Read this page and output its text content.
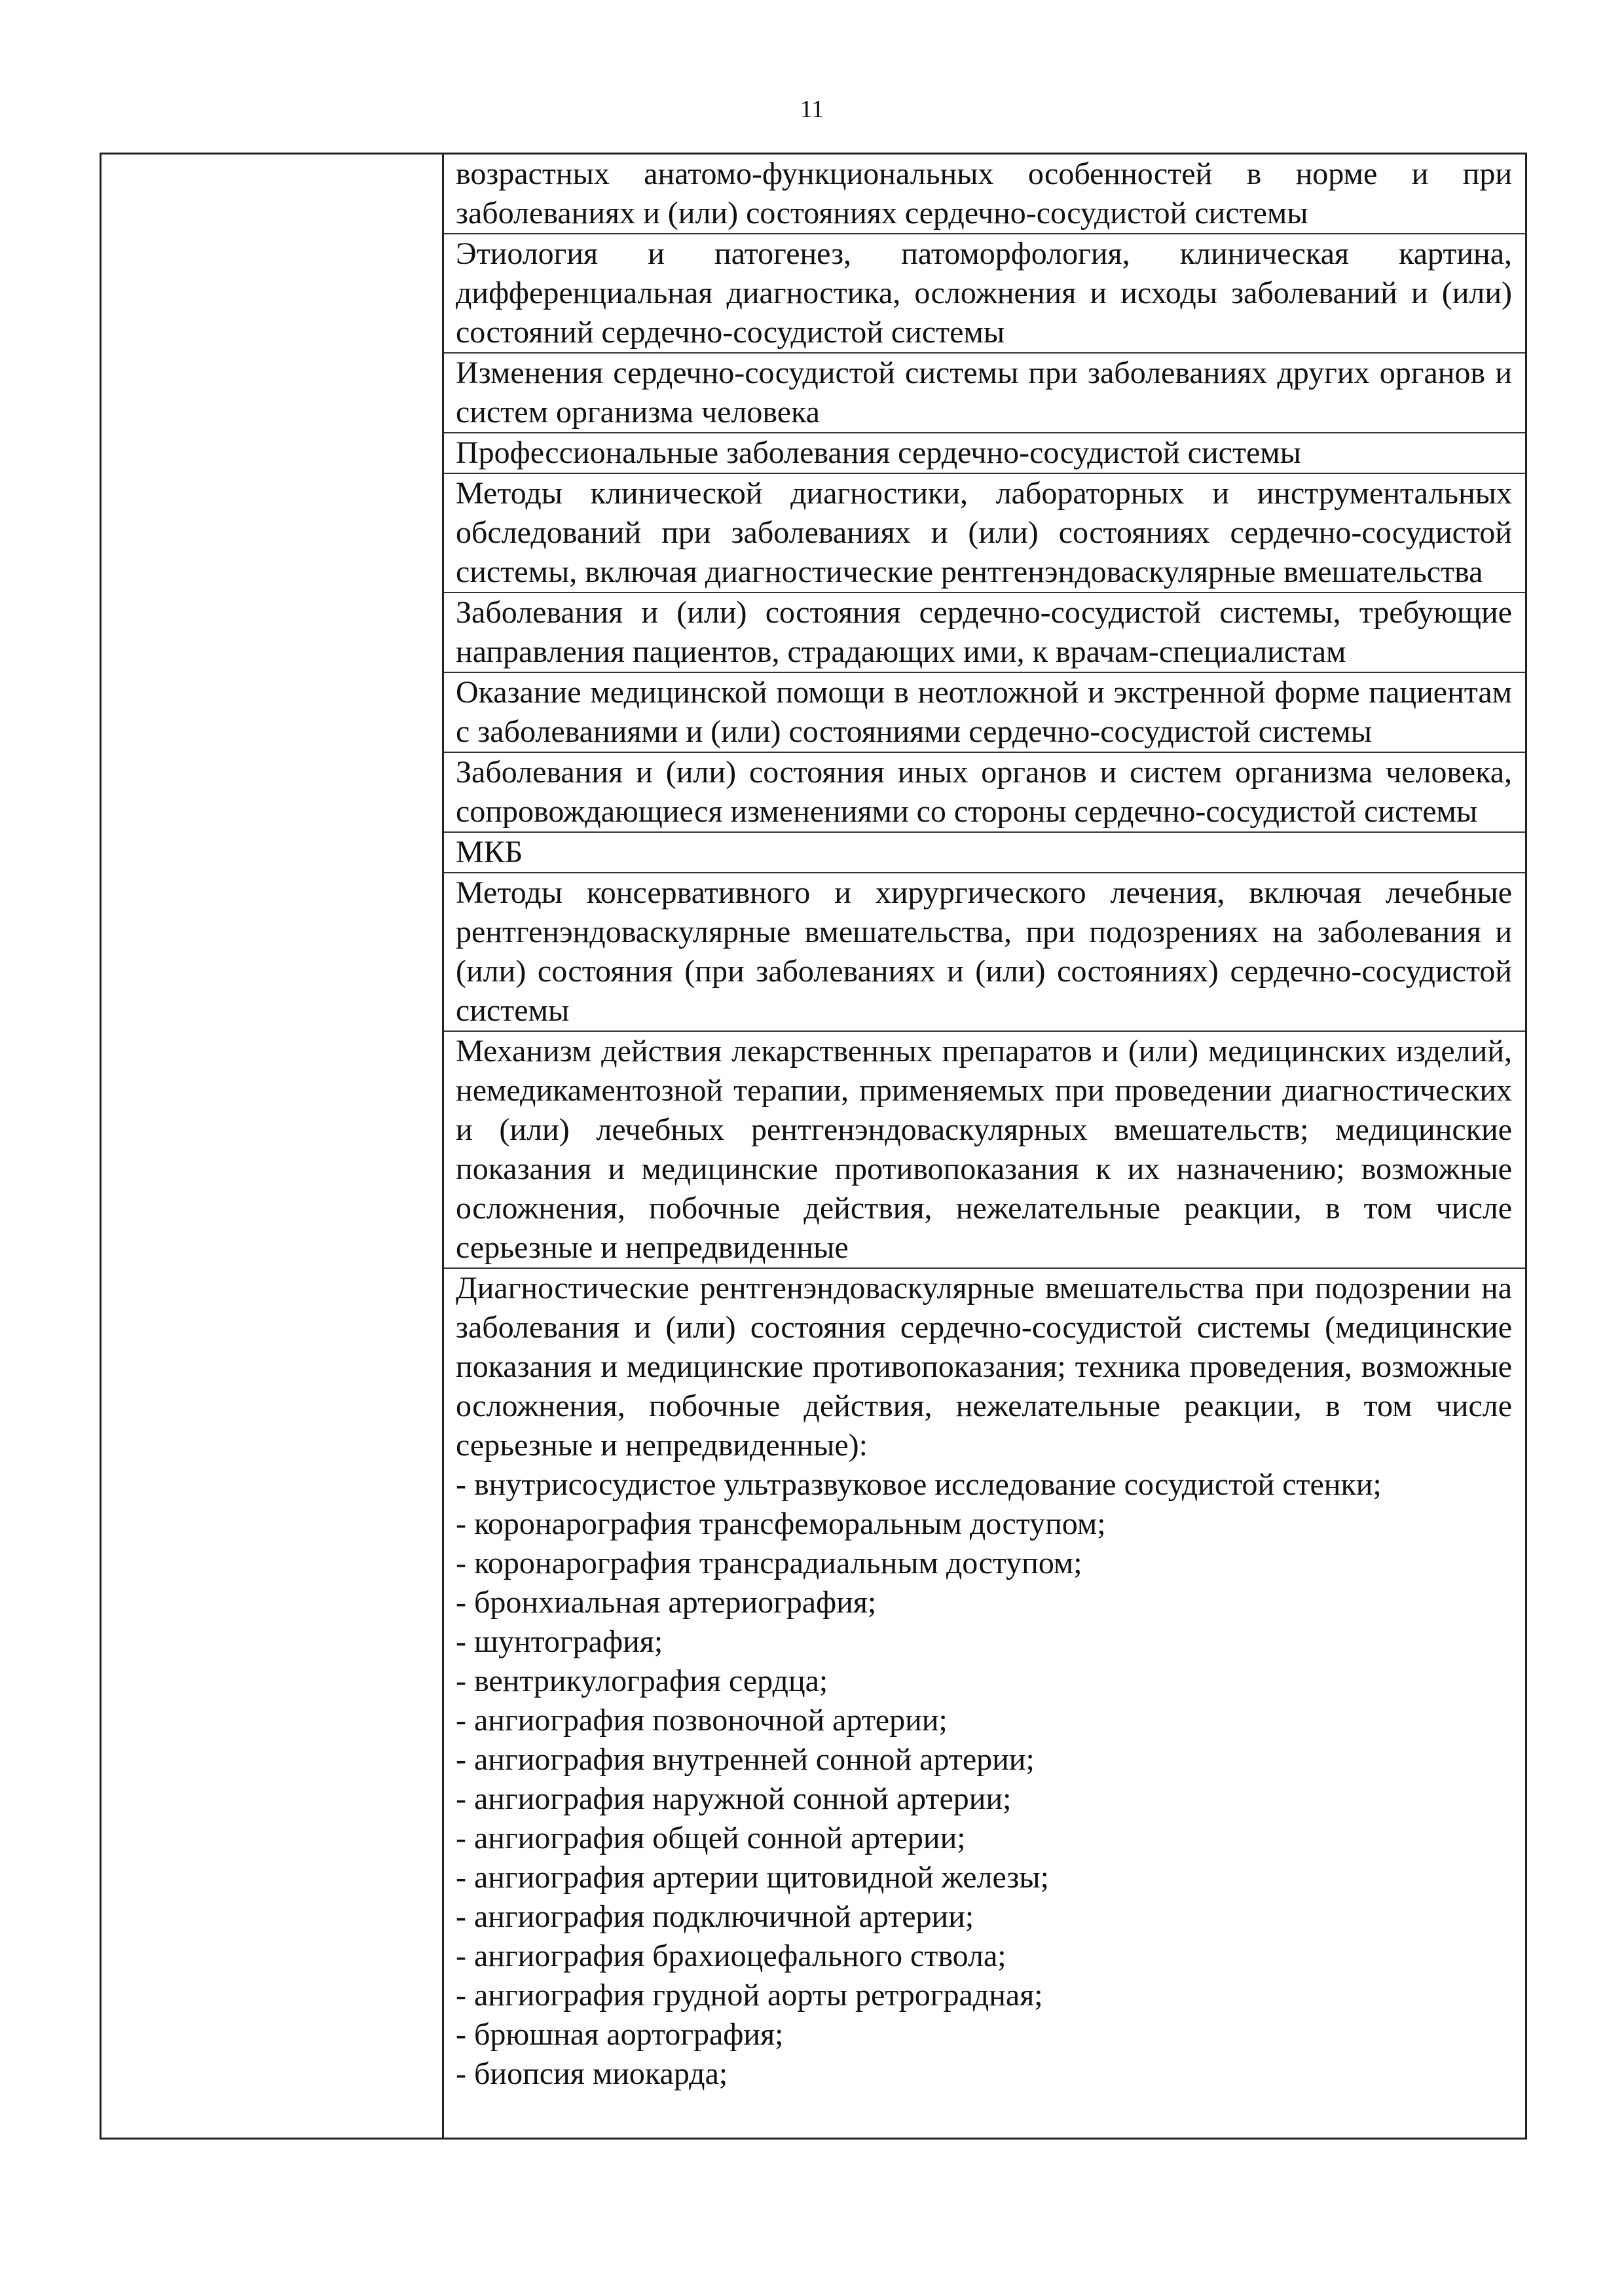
11

возрастных анатомо-функциональных особенностей в норме и при заболеваниях и (или) состояниях сердечно-сосудистой системы

Этиология и патогенез, патоморфология, клиническая картина, дифференциальная диагностика, осложнения и исходы заболеваний и (или) состояний сердечно-сосудистой системы

Изменения сердечно-сосудистой системы при заболеваниях других органов и систем организма человека

Профессиональные заболевания сердечно-сосудистой системы

Методы клинической диагностики, лабораторных и инструментальных обследований при заболеваниях и (или) состояниях сердечно-сосудистой системы, включая диагностические рентгенэндоваскулярные вмешательства

Заболевания и (или) состояния сердечно-сосудистой системы, требующие направления пациентов, страдающих ими, к врачам-специалистам

Оказание медицинской помощи в неотложной и экстренной форме пациентам с заболеваниями и (или) состояниями сердечно-сосудистой системы

Заболевания и (или) состояния иных органов и систем организма человека, сопровождающиеся изменениями со стороны сердечно-сосудистой системы

МКБ

Методы консервативного и хирургического лечения, включая лечебные рентгенэндоваскулярные вмешательства, при подозрениях на заболевания и (или) состояния (при заболеваниях и (или) состояниях) сердечно-сосудистой системы

Механизм действия лекарственных препаратов и (или) медицинских изделий, немедикаментозной терапии, применяемых при проведении диагностических и (или) лечебных рентгенэндоваскулярных вмешательств; медицинские показания и медицинские противопоказания к их назначению; возможные осложнения, побочные действия, нежелательные реакции, в том числе серьезные и непредвиденные

Диагностические рентгенэндоваскулярные вмешательства при подозрении на заболевания и (или) состояния сердечно-сосудистой системы (медицинские показания и медицинские противопоказания; техника проведения, возможные осложнения, побочные действия, нежелательные реакции, в том числе серьезные и непредвиденные):

- внутрисосудистое ультразвуковое исследование сосудистой стенки;

- коронарография трансфеморальным доступом;

- коронарография трансрадиальным доступом;

- бронхиальная артериография;

- шунтография;

- вентрикулография сердца;

- ангиография позвоночной артерии;

- ангиография внутренней сонной артерии;

- ангиография наружной сонной артерии;

- ангиография общей сонной артерии;

- ангиография артерии щитовидной железы;

- ангиография подключичной артерии;

- ангиография брахиоцефального ствола;

- ангиография грудной аорты ретроградная;

- брюшная аортография;

- биопсия миокарда;
